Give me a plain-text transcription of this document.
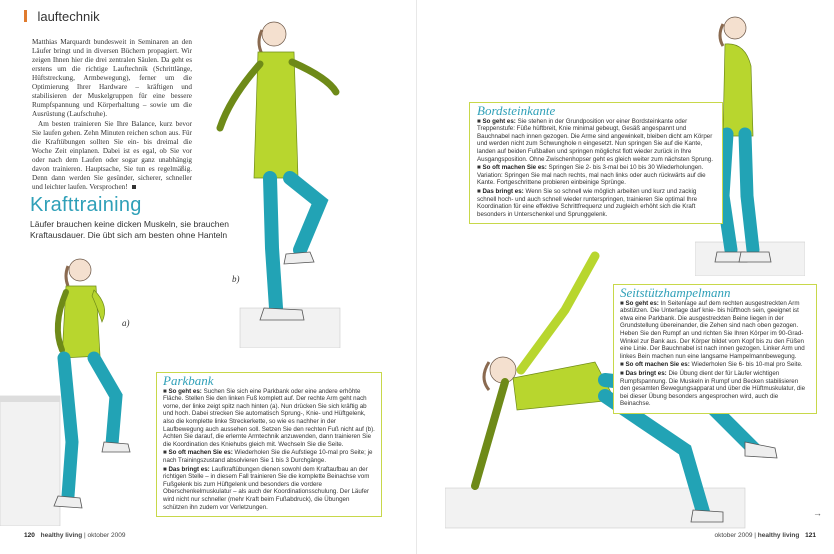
lauftechnik

Matthias Marquardt bundesweit in Seminaren an den Läufer bringt und in diversen Büchern propagiert. Wir zeigen Ihnen hier die drei zentralen Säulen. Da geht es erstens um die richtige Lauftechnik (Schrittlänge, Hüftstreckung, Armbewegung), ferner um die Optimierung Ihrer Hardware – kräftigen und stabilisieren der Muskelgruppen für eine bessere Rumpfspannung und Körperhaltung – sowie um die Ausrüstung (Laufschuhe).

Am besten trainieren Sie Ihre Balance, kurz bevor Sie laufen gehen. Zehn Minuten reichen schon aus. Für die Kraftübungen sollten Sie ein- bis dreimal die Woche Zeit einplanen. Dabei ist es egal, ob Sie vor oder nach dem Laufen oder sogar ganz unabhängig davon trainieren. Hauptsache, Sie tun es regelmäßig. Denn dann werden Sie gesünder, sicherer, schneller und leichter laufen. Versprochen!

Krafttraining
Läufer brauchen keine dicken Muskeln, sie brauchen Kraftausdauer. Die übt sich am besten ohne Hanteln
a)
b)
Parkbank
■ So geht es: Suchen Sie sich eine Parkbank oder eine andere erhöhte Fläche. Stellen Sie den linken Fuß komplett auf. Der rechte Arm geht nach vorne, der linke zeigt spitz nach hinten (a). Nun drücken Sie sich kräftig ab und hoch. Dabei strecken Sie automatisch Sprung-, Knie- und Hüftgelenk, also die komplette linke Streckerkette, so wie es nachher in der Laufbewegung auch aussehen soll. Setzen Sie den rechten Fuß nicht auf (b). Achten Sie darauf, die erlernte Armtechnik anzuwenden, dann trainieren Sie die Koordination des Kniehubs gleich mit. Wechseln Sie die Seite.
■ So oft machen Sie es: Wiederholen Sie die Aufstiege 10-mal pro Seite; je nach Trainingszustand absolvieren Sie 1 bis 3 Durchgänge.
■ Das bringt es: Laufkraftübungen dienen sowohl dem Kraftaufbau an der richtigen Stelle – in diesem Fall trainieren Sie die komplette Beinachse vom Fußgelenk bis zum Hüftgelenk und besonders die vordere Oberschenkelmuskulatur – als auch der Koordinationsschulung. Der Läufer wird nicht nur schneller (mehr Kraft beim Fußabdruck), die Übungen schützen ihn zudem vor Verletzungen.
120 healthy living | oktober 2009
Bordsteinkante
■ So geht es: Sie stehen in der Grundposition vor einer Bordsteinkante oder Treppenstufe: Füße hüftbreit, Knie minimal gebeugt, Gesäß angespannt und Bauchnabel nach innen gezogen. Die Arme sind angewinkelt, bleiben dicht am Körper und werden nicht zum Schwunghole n eingesetzt. Nun springen Sie auf die Kante, landen auf beiden Fußballen und springen möglichst flott wieder zurück in Ihre Ausgangsposition. Ohne Zwischenhopser geht es gleich weiter zum nächsten Sprung.
■ So oft machen Sie es: Springen Sie 2- bis 3-mal bei 10 bis 30 Wiederholungen. Variation: Springen Sie mal nach rechts, mal nach links oder auch rückwärts auf die Kante. Fortgeschrittene probieren einbeinige Sprünge.
■ Das bringt es: Wenn Sie so schnell wie möglich arbeiten und kurz und zackig schnell hoch- und auch schnell wieder runterspringen, trainieren Sie optimal Ihre Koordination für eine effektive Schrittfrequenz und zugleich erhöht sich die Kraft besonders in Unterschenkel und Sprunggelenk.
Seitstützhampelmann
■ So geht es: In Seitenlage auf dem rechten ausgestreckten Arm abstützen. Die Unterlage darf knie- bis hüfthoch sein, geeignet ist etwa eine Parkbank. Die ausgestreckten Beine liegen in der Grundstellung übereinander, die Zehen sind nach oben gezogen. Heben Sie den Rumpf an und richten Sie Ihren Körper im 90-Grad-Winkel zur Bank aus. Der Körper bildet vom Kopf bis zu den Füßen eine Linie. Der Bauchnabel ist nach innen gezogen. Linker Arm und linkes Bein machen nun eine langsame Hampelmannbewegung.
■ So oft machen Sie es: Wiederholen Sie 6- bis 10-mal pro Seite.
■ Das bringt es: Die Übung dient der für Läufer wichtigen Rumpfspannung. Die Muskeln in Rumpf und Becken stabilisieren den gesamten Bewegungsapparat und über die Hüftmuskulatur, die bei dieser Übung besonders angesprochen wird, auch die Beinachse.
→
oktober 2009 | healthy living 121
